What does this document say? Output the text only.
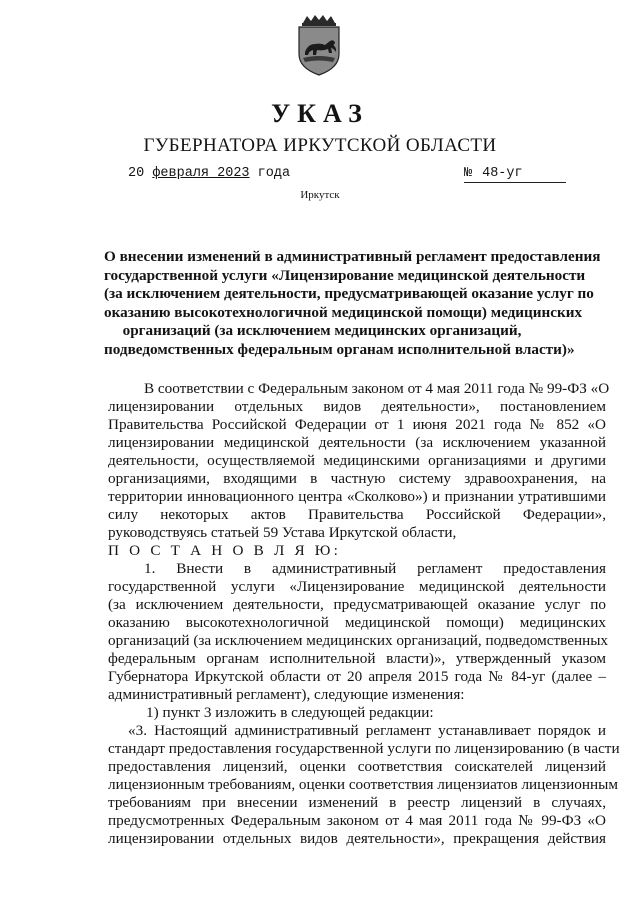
УКАЗ
ГУБЕРНАТОРА ИРКУТСКОЙ ОБЛАСТИ
20 февраля 2023 года	№ 48-уг
Иркутск
О внесении изменений в административный регламент предоставления
государственной услуги «Лицензирование медицинской деятельности
(за исключением деятельности, предусматривающей оказание услуг по
оказанию высокотехнологичной медицинской помощи) медицинских
организаций (за исключением медицинских организаций,
подведомственных федеральным органам исполнительной власти)»
В соответствии с Федеральным законом от 4 мая 2011 года № 99-ФЗ «О
лицензировании отдельных видов деятельности», постановлением
Правительства Российской Федерации от 1 июня 2021 года № 852 «О
лицензировании медицинской деятельности (за исключением указанной
деятельности, осуществляемой медицинскими организациями и другими
организациями, входящими в частную систему здравоохранения, на
территории инновационного центра «Сколково») и признании утратившими
силу некоторых актов Правительства Российской Федерации»,
руководствуясь статьей 59 Устава Иркутской области,
П О С Т А Н О В Л Я Ю:
1. Внести в административный регламент предоставления
государственной услуги «Лицензирование медицинской деятельности
(за исключением деятельности, предусматривающей оказание услуг по
оказанию высокотехнологичной медицинской помощи) медицинских
организаций (за исключением медицинских организаций, подведомственных
федеральным органам исполнительной власти)», утвержденный указом
Губернатора Иркутской области от 20 апреля 2015 года № 84-уг (далее –
административный регламент), следующие изменения:
1) пункт 3 изложить в следующей редакции:
«3. Настоящий административный регламент устанавливает порядок и
стандарт предоставления государственной услуги по лицензированию (в части
предоставления лицензий, оценки соответствия соискателей лицензий
лицензионным требованиям, оценки соответствия лицензиатов лицензионным
требованиям при внесении изменений в реестр лицензий в случаях,
предусмотренных Федеральным законом от 4 мая 2011 года № 99-ФЗ «О
лицензировании отдельных видов деятельности», прекращения действия
